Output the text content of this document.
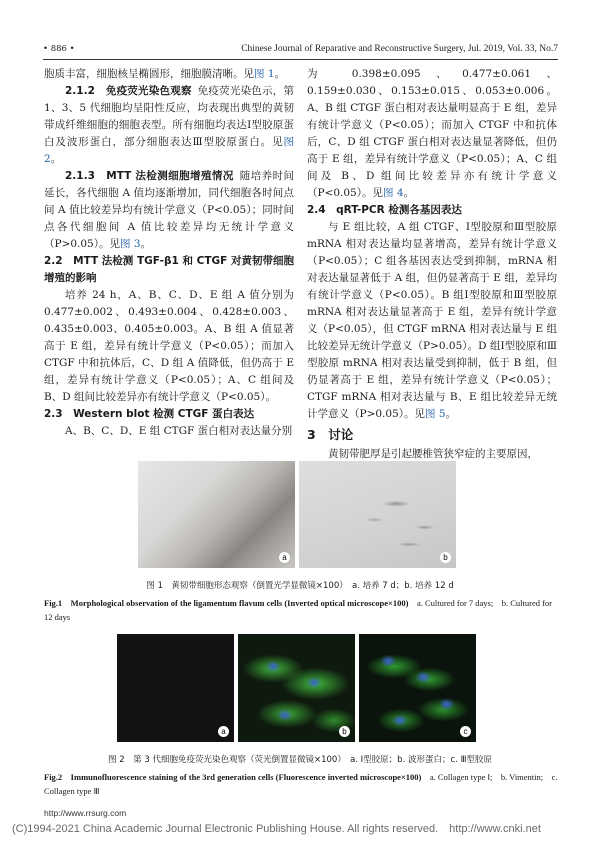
• 886 •	Chinese Journal of Reparative and Reconstructive Surgery, Jul. 2019, Vol. 33, No.7

胞质丰富，细胞核呈椭圆形，细胞膜清晰。见图 1。

2.1.2　免疫荧光染色观察 免疫荧光染色示，第 1、3、5 代细胞均呈阳性反应，均表现出典型的黄韧带成纤维细胞的细胞表型。所有细胞均表达Ⅰ型胶原蛋白及波形蛋白，部分细胞表达Ⅲ型胶原蛋白。见图 2。

2.1.3　MTT 法检测细胞增殖情况 随培养时间延长，各代细胞 A 值均逐渐增加，同代细胞各时间点间 A 值比较差异均有统计学意义（P<0.05）；同时间点各代细胞间 A 值比较差异均无统计学意义（P>0.05）。见图 3。

2.2　MTT 法检测 TGF-β1 和 CTGF 对黄韧带细胞增殖的影响

培养 24 h，A、B、C、D、E 组 A 值分别为 0.477±0.002、0.493±0.004、0.428±0.003、0.435±0.003、0.405±0.003。A、B 组 A 值显著高于 E 组，差异有统计学意义（P<0.05）；而加入 CTGF 中和抗体后，C、D 组 A 值降低，但仍高于 E 组，差异有统计学意义（P<0.05）；A、C 组间及 B、D 组间比较差异亦有统计学意义（P<0.05）。

2.3　Western blot 检测 CTGF 蛋白表达

A、B、C、D、E 组 CTGF 蛋白相对表达量分别

为 0.398±0.095、0.477±0.061、0.159±0.030、0.153±0.015、0.053±0.006。A、B 组 CTGF 蛋白相对表达量明显高于 E 组，差异有统计学意义（P<0.05）；而加入 CTGF 中和抗体后，C、D 组 CTGF 蛋白相对表达量显著降低，但仍高于 E 组，差异有统计学意义（P<0.05）；A、C 组间及 B、D 组间比较差异亦有统计学意义（P<0.05）。见图 4。

2.4　qRT-PCR 检测各基因表达

与 E 组比较，A 组 CTGF、Ⅰ型胶原和Ⅲ型胶原 mRNA 相对表达量均显著增高，差异有统计学意义（P<0.05）；C 组各基因表达受到抑制，mRNA 相对表达量显著低于 A 组，但仍显著高于 E 组，差异均有统计学意义（P<0.05）。B 组Ⅰ型胶原和Ⅲ型胶原 mRNA 相对表达量显著高于 E 组，差异有统计学意义（P<0.05），但 CTGF mRNA 相对表达量与 E 组比较差异无统计学意义（P>0.05）。D 组Ⅰ型胶原和Ⅲ型胶原 mRNA 相对表达量受到抑制，低于 B 组，但仍显著高于 E 组，差异有统计学意义（P<0.05）；CTGF mRNA 相对表达量与 B、E 组比较差异无统计学意义（P>0.05）。见图 5。

3　讨论

黄韧带肥厚是引起腰椎管狭窄症的主要原因，

a	b
图 1　黄韧带细胞形态观察（倒置光学显微镜×100）　a. 培养 7 d；b. 培养 12 d
Fig.1　Morphological observation of the ligamentum flavum cells (Inverted optical microscope×100)　a. Cultured for 7 days;　b. Cultured for 12 days
a	b	c
图 2　第 3 代细胞免疫荧光染色观察（荧光倒置显微镜×100）　a. Ⅰ型胶原；b. 波形蛋白；c. Ⅲ型胶原
Fig.2　Immunofluorescence staining of the 3rd generation cells (Fluorescence inverted microscope×100)　a. Collagen type Ⅰ;　b. Vimentin;　c. Collagen type Ⅲ
http://www.rrsurg.com
(C)1994-2021 China Academic Journal Electronic Publishing House. All rights reserved.　http://www.cnki.net
